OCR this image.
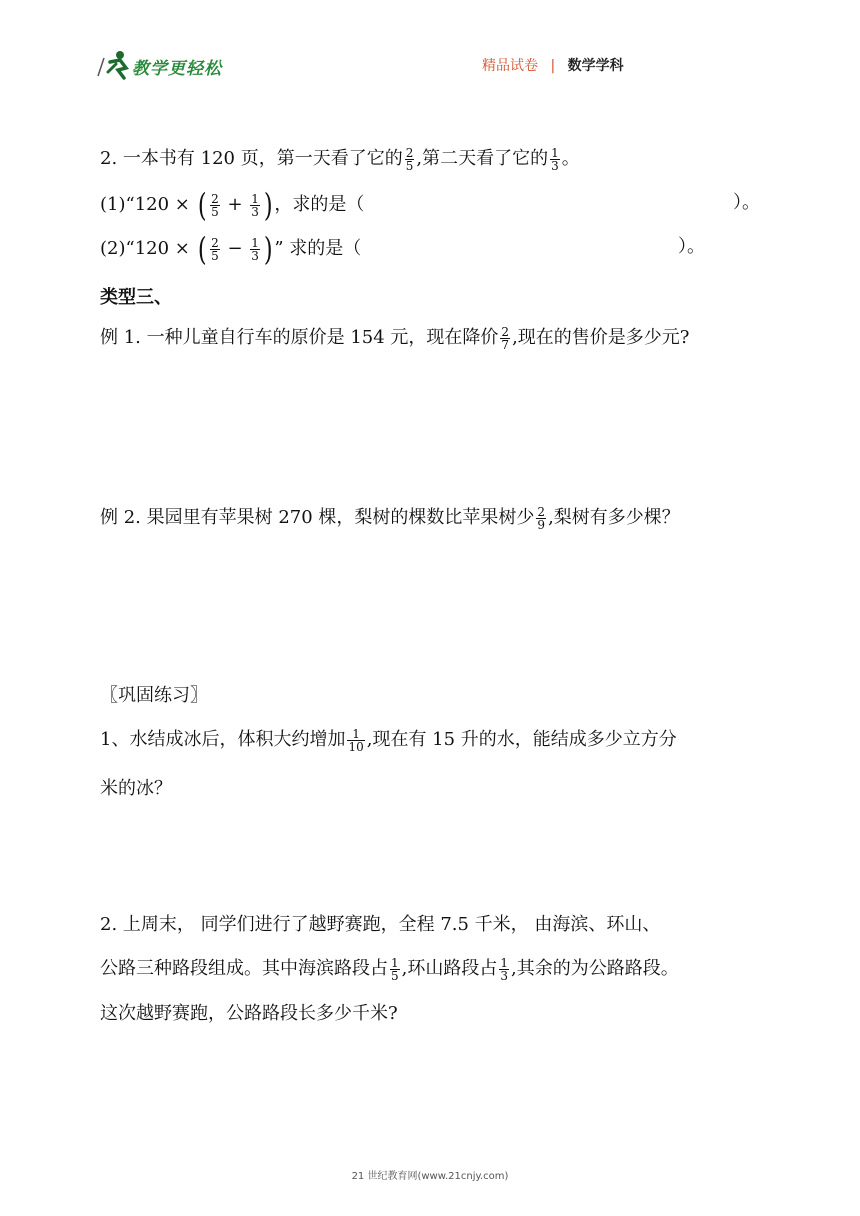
教学更轻松	精品试卷 | 数学学科
2. 一本书有 120 页，第一天看了它的 $\frac{2}{5}$ ,第二天看了它的 $\frac{1}{3}$ 。
(1)“120 × ( $\frac{2}{5} + \frac{1}{3}$ ) ，求的是（	）。
(2)“120 × ( $\frac{2}{5} - \frac{1}{3}$ ) ” 求的是（	）。
类型三、
例 1. 一种儿童自行车的原价是 154 元，现在降价 $\frac{2}{7}$ ,现在的售价是多少元?
例 2. 果园里有苹果树 270 棵，梨树的棵数比苹果树少 $\frac{2}{9}$ ,梨树有多少棵？
〖巩固练习〗
1、水结成冰后，体积大约增加 $\frac{1}{10}$ ,现在有 15 升的水，能结成多少立方分
米的冰？
2. 上周末， 同学们进行了越野赛跑，全程 7.5 千米， 由海滨、环山、
公路三种路段组成。其中海滨路段占 $\frac{1}{5}$ ,环山路段占 $\frac{1}{3}$ ,其余的为公路路段。
这次越野赛跑，公路路段长多少千米?
21 世纪教育网(www.21cnjy.com)
